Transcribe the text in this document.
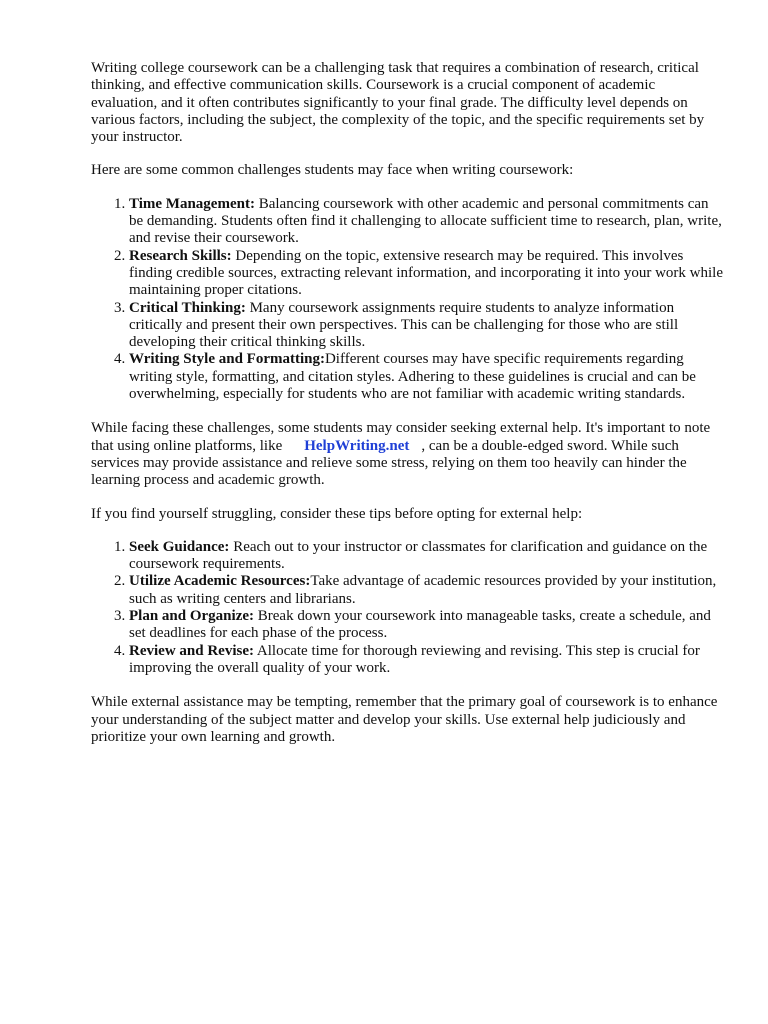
Writing college coursework can be a challenging task that requires a combination of research, critical thinking, and effective communication skills. Coursework is a crucial component of academic evaluation, and it often contributes significantly to your final grade. The difficulty level depends on various factors, including the subject, the complexity of the topic, and the specific requirements set by your instructor.

Here are some common challenges students may face when writing coursework:

1. Time Management: Balancing coursework with other academic and personal commitments can be demanding. Students often find it challenging to allocate sufficient time to research, plan, write, and revise their coursework.
2. Research Skills: Depending on the topic, extensive research may be required. This involves finding credible sources, extracting relevant information, and incorporating it into your work while maintaining proper citations.
3. Critical Thinking: Many coursework assignments require students to analyze information critically and present their own perspectives. This can be challenging for those who are still developing their critical thinking skills.
4. Writing Style and Formatting:Different courses may have specific requirements regarding writing style, formatting, and citation styles. Adhering to these guidelines is crucial and can be overwhelming, especially for students who are not familiar with academic writing standards.

While facing these challenges, some students may consider seeking external help. It's important to note that using online platforms, like HelpWriting.net , can be a double-edged sword. While such services may provide assistance and relieve some stress, relying on them too heavily can hinder the learning process and academic growth.

If you find yourself struggling, consider these tips before opting for external help:

1. Seek Guidance: Reach out to your instructor or classmates for clarification and guidance on the coursework requirements.
2. Utilize Academic Resources:Take advantage of academic resources provided by your institution, such as writing centers and librarians.
3. Plan and Organize: Break down your coursework into manageable tasks, create a schedule, and set deadlines for each phase of the process.
4. Review and Revise: Allocate time for thorough reviewing and revising. This step is crucial for improving the overall quality of your work.

While external assistance may be tempting, remember that the primary goal of coursework is to enhance your understanding of the subject matter and develop your skills. Use external help judiciously and prioritize your own learning and growth.
